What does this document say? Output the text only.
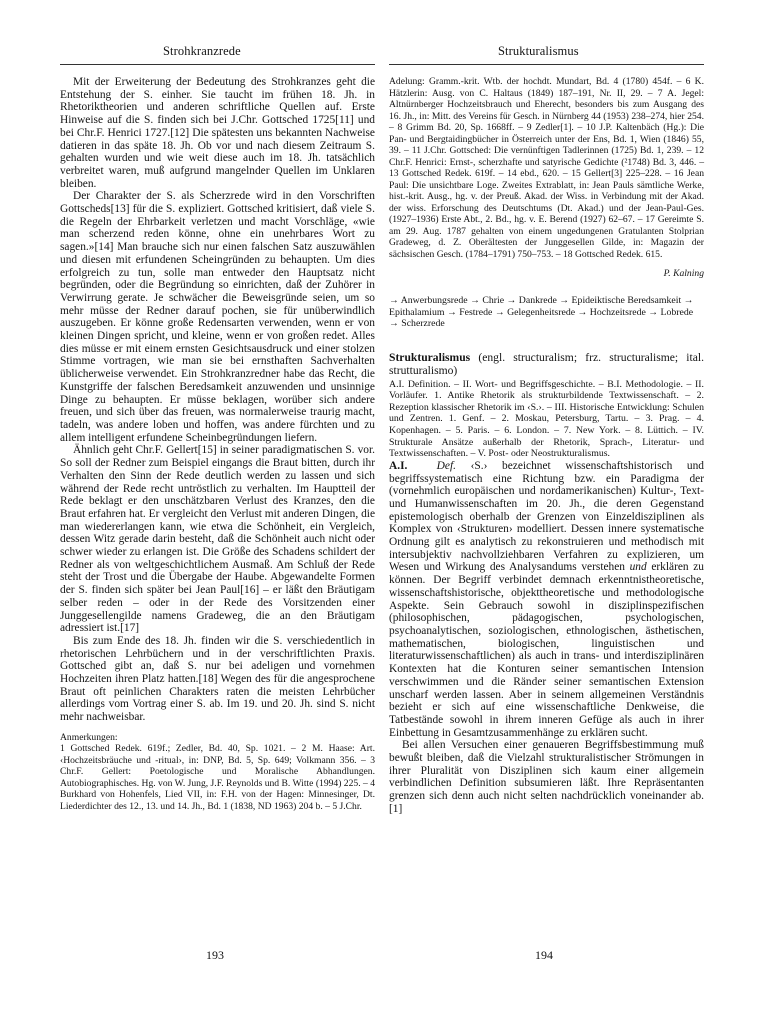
Strohkranzrede	Strukturalismus

Mit der Erweiterung der Bedeutung des Strohkranzes geht die Entstehung der S. einher. Sie taucht im frühen 18. Jh. in Rhetoriktheorien und anderen schriftliche Quellen auf. Erste Hinweise auf die S. finden sich bei J.Chr. Gottsched 1725[11] und bei Chr.F. Henrici 1727.[12] Die spätesten uns bekannten Nachweise datieren in das späte 18. Jh. Ob vor und nach diesem Zeitraum S. gehalten wurden und wie weit diese auch im 18. Jh. tatsächlich verbreitet waren, muß aufgrund mangelnder Quellen im Unklaren bleiben.

Der Charakter der S. als Scherzrede wird in den Vorschriften Gottscheds[13] für die S. expliziert. Gottsched kritisiert, daß viele S. die Regeln der Ehrbarkeit verletzen und macht Vorschläge, «wie man scherzend reden könne, ohne ein unehrbares Wort zu sagen.»[14] Man brauche sich nur einen falschen Satz auszuwählen und diesen mit erfundenen Scheingründen zu behaupten. Um dies erfolgreich zu tun, solle man entweder den Hauptsatz nicht begründen, oder die Begründung so einrichten, daß der Zuhörer in Verwirrung gerate. Je schwächer die Beweisgründe seien, um so mehr müsse der Redner darauf pochen, sie für unüberwindlich auszugeben. Er könne große Redensarten verwenden, wenn er von kleinen Dingen spricht, und kleine, wenn er von großen redet. Alles dies müsse er mit einem ernsten Gesichtsausdruck und einer stolzen Stimme vortragen, wie man sie bei ernsthaften Sachverhalten üblicherweise verwendet. Ein Strohkranzredner habe das Recht, die Kunstgriffe der falschen Beredsamkeit anzuwenden und unsinnige Dinge zu behaupten. Er müsse beklagen, worüber sich andere freuen, und sich über das freuen, was normalerweise traurig macht, tadeln, was andere loben und hoffen, was andere fürchten und zu allem intelligent erfundene Scheinbegründungen liefern.

Ähnlich geht Chr.F. Gellert[15] in seiner paradigmatischen S. vor. So soll der Redner zum Beispiel eingangs die Braut bitten, durch ihr Verhalten den Sinn der Rede deutlich werden zu lassen und sich während der Rede recht untröstlich zu verhalten. Im Hauptteil der Rede beklagt er den unschätzbaren Verlust des Kranzes, den die Braut erfahren hat. Er vergleicht den Verlust mit anderen Dingen, die man wiedererlangen kann, wie etwa die Schönheit, ein Vergleich, dessen Witz gerade darin besteht, daß die Schönheit auch nicht oder schwer wieder zu erlangen ist. Die Größe des Schadens schildert der Redner als von weltgeschichtlichem Ausmaß. Am Schluß der Rede steht der Trost und die Übergabe der Haube. Abgewandelte Formen der S. finden sich später bei Jean Paul[16] – er läßt den Bräutigam selber reden – oder in der Rede des Vorsitzenden einer Junggesellengilde namens Gradeweg, die an den Bräutigam adressiert ist.[17]

Bis zum Ende des 18. Jh. finden wir die S. verschiedentlich in rhetorischen Lehrbüchern und in der verschriftlichten Praxis. Gottsched gibt an, daß S. nur bei adeligen und vornehmen Hochzeiten ihren Platz hatten.[18] Wegen des für die angesprochene Braut oft peinlichen Charakters raten die meisten Lehrbücher allerdings vom Vortrag einer S. ab. Im 19. und 20. Jh. sind S. nicht mehr nachweisbar.

Anmerkungen:
1 Gottsched Redek. 619f.; Zedler, Bd. 40, Sp. 1021. – 2 M. Haase: Art. ‹Hochzeitsbräuche und -ritual›, in: DNP, Bd. 5, Sp. 649; Volkmann 356. – 3 Chr.F. Gellert: Poetologische und Moralische Abhandlungen. Autobiographisches. Hg. von W. Jung, J.F. Reynolds und B. Witte (1994) 225. – 4 Burkhard von Hohenfels, Lied VII, in: F.H. von der Hagen: Minnesinger, Dt. Liederdichter des 12., 13. und 14. Jh., Bd. 1 (1838, ND 1963) 204 b. – 5 J.Chr.
Adelung: Gramm.-krit. Wtb. der hochdt. Mundart, Bd. 4 (1780) 454f. – 6 K. Hätzlerin: Ausg. von C. Haltaus (1849) 187–191, Nr. II, 29. – 7 A. Jegel: Altnürnberger Hochzeitsbrauch und Eherecht, besonders bis zum Ausgang des 16. Jh., in: Mitt. des Vereins für Gesch. in Nürnberg 44 (1953) 238–274, hier 254. – 8 Grimm Bd. 20, Sp. 1668ff. – 9 Zedler[1]. – 10 J.P. Kaltenbäch (Hg.): Die Pan- und Bergtaidingbücher in Österreich unter der Ens, Bd. 1, Wien (1846) 55, 39. – 11 J.Chr. Gottsched: Die vernünftigen Tadlerinnen (1725) Bd. 1, 239. – 12 Chr.F. Henrici: Ernst-, scherzhafte und satyrische Gedichte (²1748) Bd. 3, 446. – 13 Gottsched Redek. 619f. – 14 ebd., 620. – 15 Gellert[3] 225–228. – 16 Jean Paul: Die unsichtbare Loge. Zweites Extrablatt, in: Jean Pauls sämtliche Werke, hist.-krit. Ausg., hg. v. der Preuß. Akad. der Wiss. in Verbindung mit der Akad. der wiss. Erforschung des Deutschtums (Dt. Akad.) und der Jean-Paul-Ges. (1927–1936) Erste Abt., 2. Bd., hg. v. E. Berend (1927) 62–67. – 17 Gereimte S. am 29. Aug. 1787 gehalten von einem ungedungenen Gratulanten Stolprian Gradeweg, d. Z. Oberältesten der Junggesellen Gilde, in: Magazin der sächsischen Gesch. (1784–1791) 750–753. – 18 Gottsched Redek. 615.
P. Kalning
→ Anwerbungsrede → Chrie → Dankrede → Epideiktische Beredsamkeit → Epithalamium → Festrede → Gelegenheitsrede → Hochzeitsrede → Lobrede → Scherzrede
Strukturalismus (engl. structuralism; frz. structuralisme; ital. strutturalismo)
A.I. Definition. – II. Wort- und Begriffsgeschichte. – B.I. Methodologie. – II. Vorläufer. 1. Antike Rhetorik als strukturbildende Textwissenschaft. – 2. Rezeption klassischer Rhetorik im ‹S.›. – III. Historische Entwicklung: Schulen und Zentren. 1. Genf. – 2. Moskau, Petersburg, Tartu. – 3. Prag. – 4. Kopenhagen. – 5. Paris. – 6. London. – 7. New York. – 8. Lüttich. – IV. Strukturale Ansätze außerhalb der Rhetorik, Sprach-, Literatur- und Textwissenschaften. – V. Post- oder Neostrukturalismus.

A.I.	Def. ‹S.› bezeichnet wissenschaftshistorisch und begriffssystematisch eine Richtung bzw. ein Paradigma der (vornehmlich europäischen und nordamerikanischen) Kultur-, Text- und Humanwissenschaften im 20. Jh., die deren Gegenstand epistemologisch oberhalb der Grenzen von Einzeldisziplinen als Komplex von ‹Strukturen› modelliert. Dessen innere systematische Ordnung gilt es analytisch zu rekonstruieren und methodisch mit intersubjektiv nachvollziehbaren Verfahren zu explizieren, um Wesen und Wirkung des Analysandums verstehen und erklären zu können. Der Begriff verbindet demnach erkenntnistheoretische, wissenschaftshistorische, objekttheoretische und methodologische Aspekte. Sein Gebrauch sowohl in disziplinspezifischen (philosophischen, pädagogischen, psychologischen, psychoanalytischen, soziologischen, ethnologischen, ästhetischen, mathematischen, biologischen, linguistischen und literaturwissenschaftlichen) als auch in trans- und interdisziplinären Kontexten hat die Konturen seiner semantischen Intension verschwimmen und die Ränder seiner semantischen Extension unscharf werden lassen. Aber in seinem allgemeinen Verständnis bezieht er sich auf eine wissenschaftliche Denkweise, die Tatbestände sowohl in ihrem inneren Gefüge als auch in ihrer Einbettung in Gesamtzusammenhänge zu erklären sucht.

Bei allen Versuchen einer genaueren Begriffsbestimmung muß bewußt bleiben, daß die Vielzahl strukturalistischer Strömungen in ihrer Pluralität von Disziplinen sich kaum einer allgemein verbindlichen Definition subsumieren läßt. Ihre Repräsentanten grenzen sich denn auch nicht selten nachdrücklich voneinander ab.[1]

193	194
